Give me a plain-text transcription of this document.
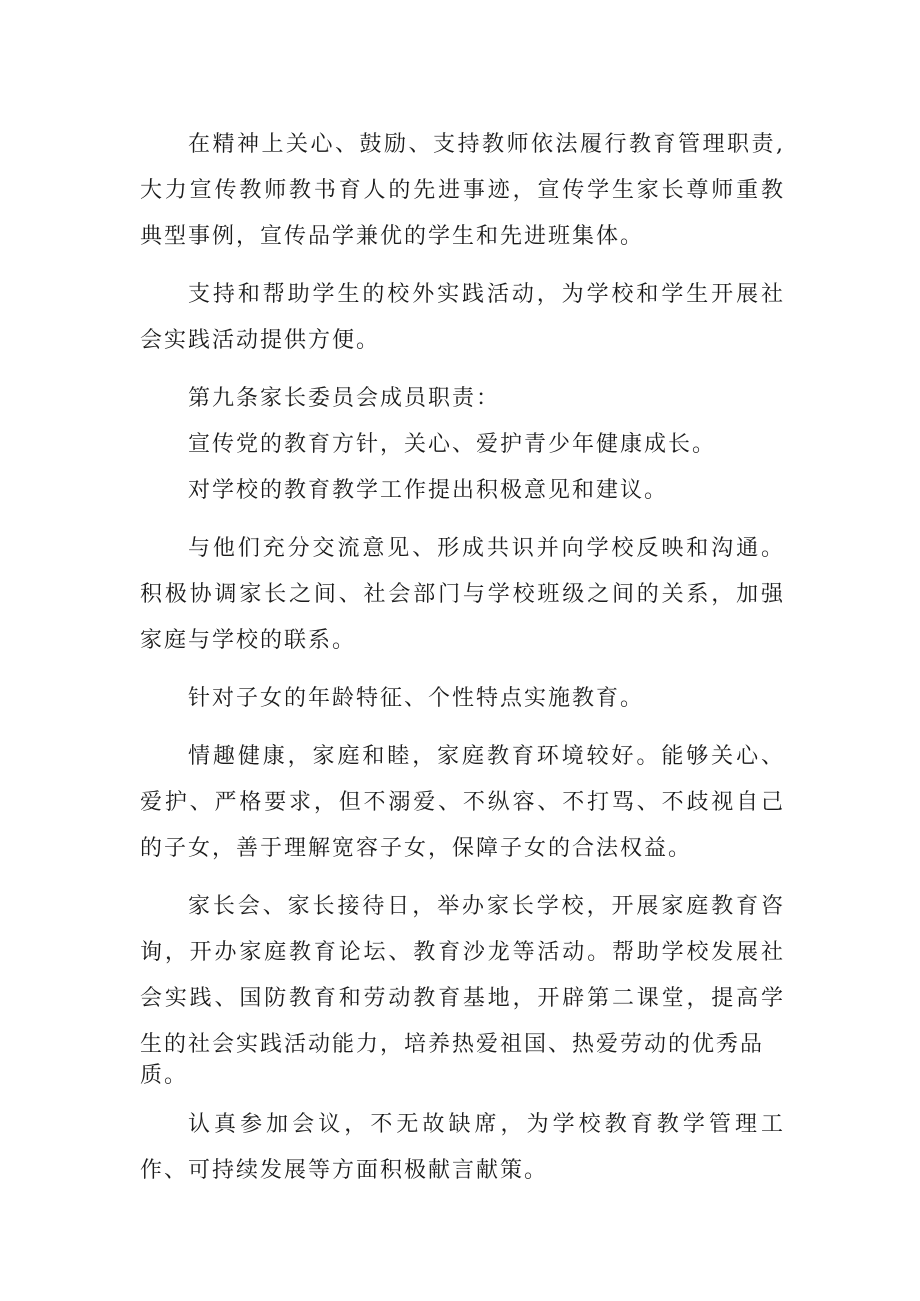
在精神上关心、鼓励、支持教师依法履行教育管理职责,大力宣传教师教书育人的先进事迹，宣传学生家长尊师重教典型事例，宣传品学兼优的学生和先进班集体。

支持和帮助学生的校外实践活动，为学校和学生开展社会实践活动提供方便。

第九条家长委员会成员职责：

宣传党的教育方针，关心、爱护青少年健康成长。

对学校的教育教学工作提出积极意见和建议。

与他们充分交流意见、形成共识并向学校反映和沟通。积极协调家长之间、社会部门与学校班级之间的关系，加强家庭与学校的联系。

针对子女的年龄特征、个性特点实施教育。

情趣健康，家庭和睦，家庭教育环境较好。能够关心、爱护、严格要求，但不溺爱、不纵容、不打骂、不歧视自己的子女，善于理解宽容子女，保障子女的合法权益。

家长会、家长接待日，举办家长学校，开展家庭教育咨询，开办家庭教育论坛、教育沙龙等活动。帮助学校发展社会实践、国防教育和劳动教育基地，开辟第二课堂，提高学生的社会实践活动能力，培养热爱祖国、热爱劳动的优秀品
质。

认真参加会议，不无故缺席，为学校教育教学管理工作、可持续发展等方面积极献言献策。
